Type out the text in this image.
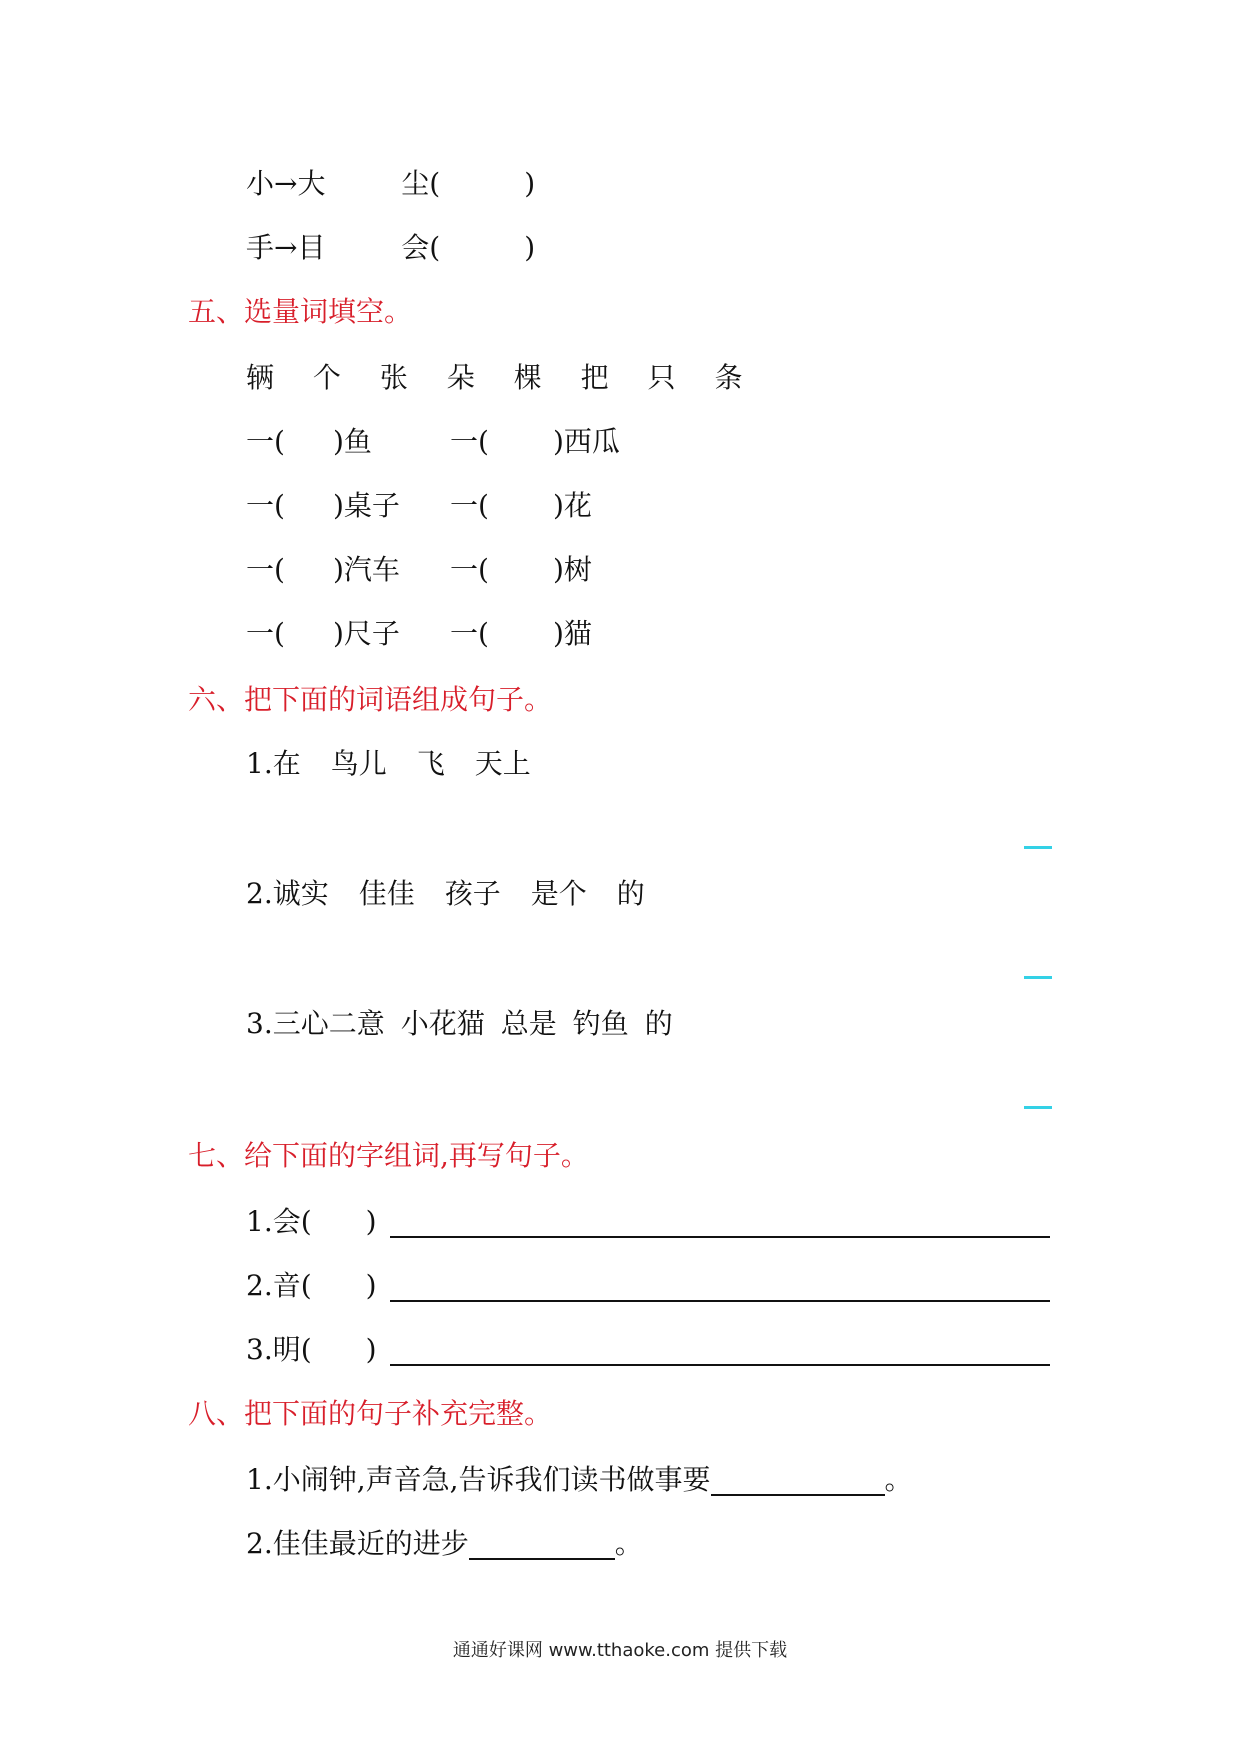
小→大	尘(	)
手→目	会(	)
五、选量词填空。
辆 个 张 朵 棵 把 只 条
一( )鱼	一( )西瓜
一( )桌子 一( )花
一( )汽车 一( )树
一( )尺子 一( )猫
六、把下面的词语组成句子。
1.在 鸟儿 飞 天上
2.诚实 佳佳 孩子 是个 的
3.三心二意 小花猫 总是 钓鱼 的
七、给下面的字组词,再写句子。
1.会( )
2.音( )
3.明( )
八、把下面的句子补充完整。
1.小闹钟,声音急,告诉我们读书做事要	。
2.佳佳最近的进步	。
通通好课网 www.tthaoke.com 提供下载
